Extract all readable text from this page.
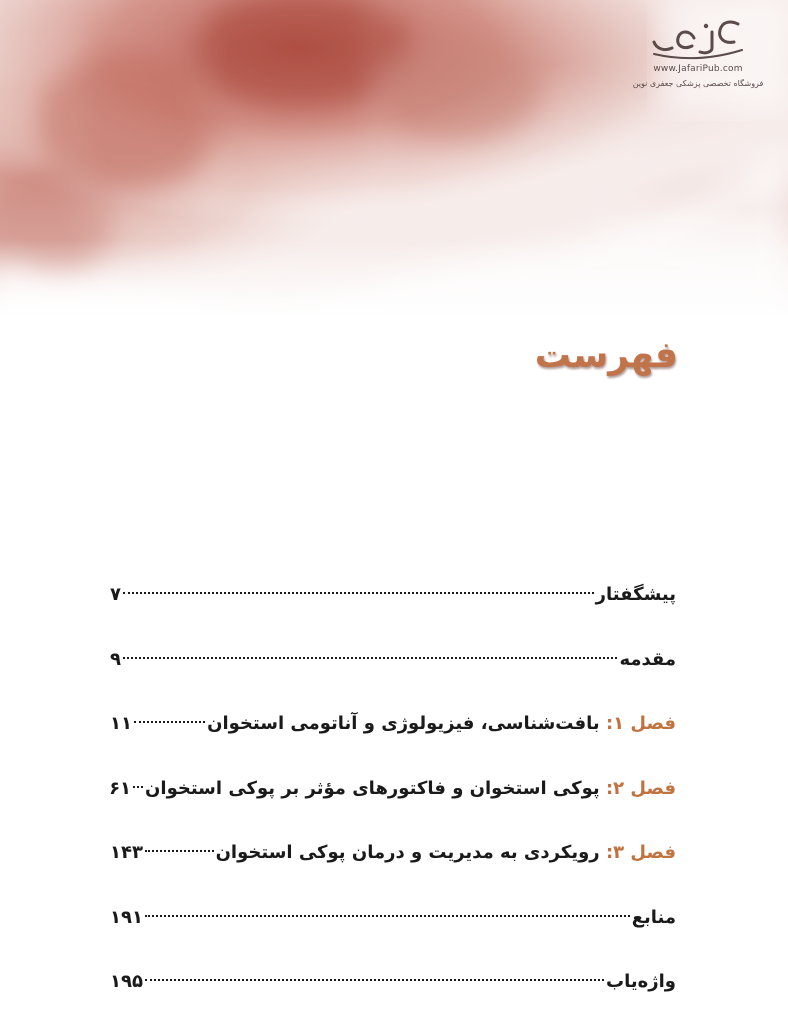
www.JafariPub.com
فروشگاه تخصصی پزشکی جعفری نوین
فهرست
پیشگفتار
۷
مقدمه
۹
فصل ۱: بافت‌شناسی، فیزیولوژی و آناتومی استخوان
۱۱
فصل ۲: پوکی استخوان و فاکتورهای مؤثر بر پوکی استخوان
۶۱
فصل ۳: رویکردی به مدیریت و درمان پوکی استخوان
۱۴۳
منابع
۱۹۱
واژه‌یاب
۱۹۵
